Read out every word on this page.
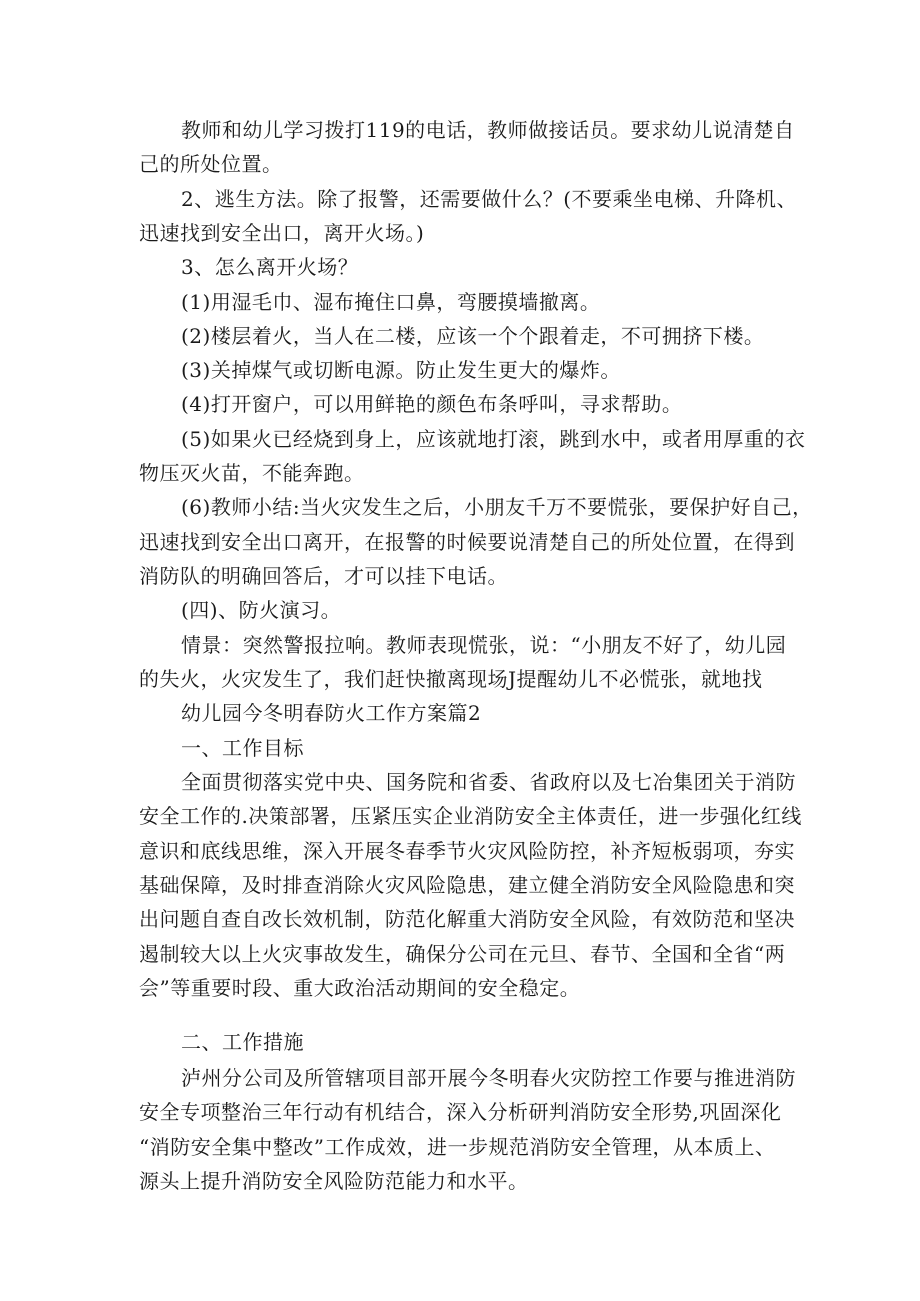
教师和幼儿学习拨打119的电话，教师做接话员。要求幼儿说清楚自
己的所处位置。
2、逃生方法。除了报警，还需要做什么？(不要乘坐电梯、升降机、
迅速找到安全出口，离开火场。)
3、怎么离开火场？
(1)用湿毛巾、湿布掩住口鼻，弯腰摸墙撤离。
(2)楼层着火，当人在二楼，应该一个个跟着走，不可拥挤下楼。
(3)关掉煤气或切断电源。防止发生更大的爆炸。
(4)打开窗户，可以用鲜艳的颜色布条呼叫，寻求帮助。
(5)如果火已经烧到身上，应该就地打滚，跳到水中，或者用厚重的衣
物压灭火苗，不能奔跑。
(6)教师小结:当火灾发生之后，小朋友千万不要慌张，要保护好自己，
迅速找到安全出口离开，在报警的时候要说清楚自己的所处位置，在得到
消防队的明确回答后，才可以挂下电话。
(四)、防火演习。
情景：突然警报拉响。教师表现慌张，说：“小朋友不好了，幼儿园
的失火，火灾发生了，我们赶快撤离现场J提醒幼儿不必慌张，就地找
幼儿园今冬明春防火工作方案篇2
一、工作目标
全面贯彻落实党中央、国务院和省委、省政府以及七冶集团关于消防
安全工作的.决策部署，压紧压实企业消防安全主体责任，进一步强化红线
意识和底线思维，深入开展冬春季节火灾风险防控，补齐短板弱项，夯实
基础保障，及时排查消除火灾风险隐患，建立健全消防安全风险隐患和突
出问题自查自改长效机制，防范化解重大消防安全风险，有效防范和坚决
遏制较大以上火灾事故发生，确保分公司在元旦、春节、全国和全省“两
会”等重要时段、重大政治活动期间的安全稳定。
二、工作措施
泸州分公司及所管辖项目部开展今冬明春火灾防控工作要与推进消防
安全专项整治三年行动有机结合，深入分析研判消防安全形势,巩固深化
“消防安全集中整改”工作成效，进一步规范消防安全管理，从本质上、
源头上提升消防安全风险防范能力和水平。
